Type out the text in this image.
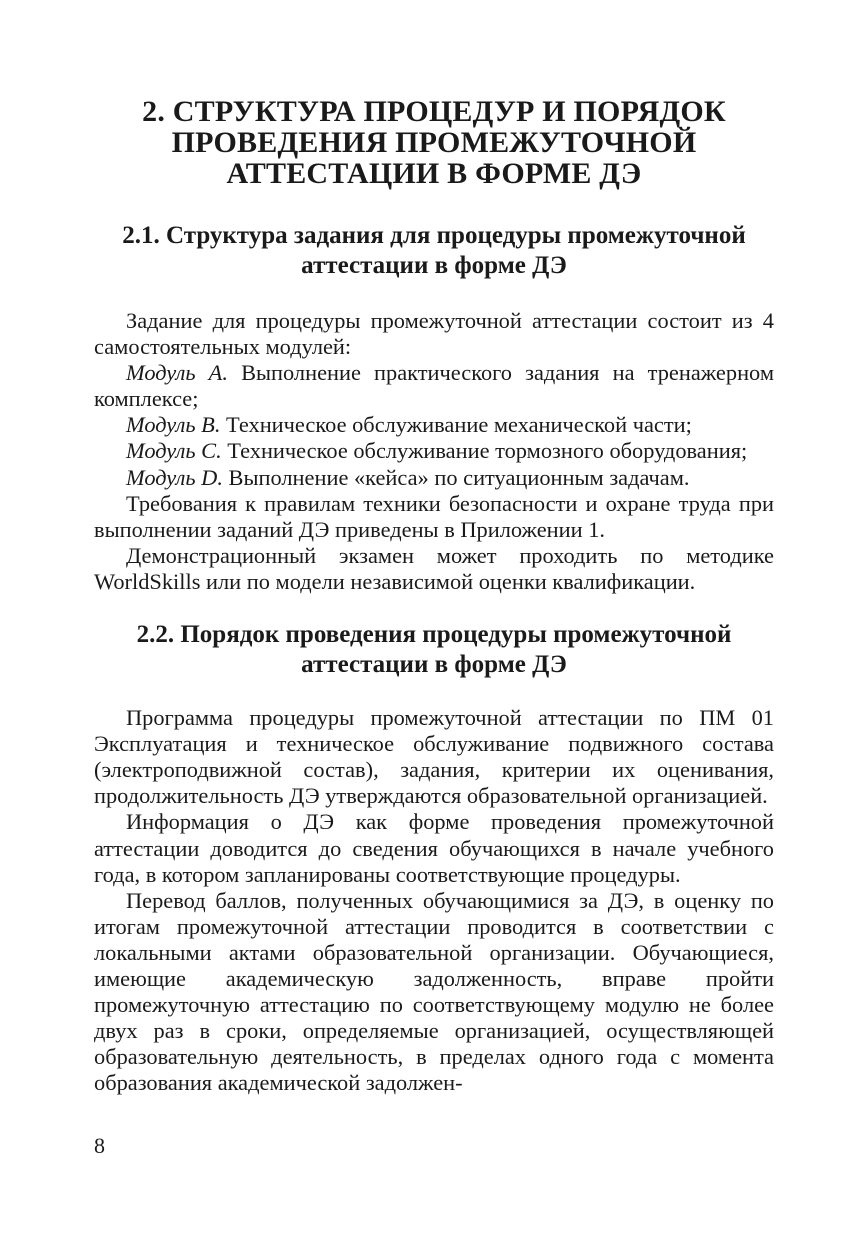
2. СТРУКТУРА ПРОЦЕДУР И ПОРЯДОК
ПРОВЕДЕНИЯ ПРОМЕЖУТОЧНОЙ
АТТЕСТАЦИИ В ФОРМЕ ДЭ
2.1. Структура задания для процедуры промежуточной
аттестации в форме ДЭ

Задание для процедуры промежуточной аттестации состоит из 4 самостоятельных модулей:

Модуль А. Выполнение практического задания на тренажерном комплексе;

Модуль B. Техническое обслуживание механической части;

Модуль C. Техническое обслуживание тормозного оборудования;

Модуль D. Выполнение «кейса» по ситуационным задачам.

Требования к правилам техники безопасности и охране труда при выполнении заданий ДЭ приведены в Приложении 1.

Демонстрационный экзамен может проходить по методике WorldSkills или по модели независимой оценки квалификации.

2.2. Порядок проведения процедуры промежуточной
аттестации в форме ДЭ

Программа процедуры промежуточной аттестации по ПМ 01 Эксплуатация и техническое обслуживание подвижного состава (электроподвижной состав), задания, критерии их оценивания, продолжительность ДЭ утверждаются образовательной организацией.

Информация о ДЭ как форме проведения промежуточной аттестации доводится до сведения обучающихся в начале учебного года, в котором запланированы соответствующие процедуры.

Перевод баллов, полученных обучающимися за ДЭ, в оценку по итогам промежуточной аттестации проводится в соответствии с локальными актами образовательной организации. Обучающиеся, имеющие академическую задолженность, вправе пройти промежуточную аттестацию по соответствующему модулю не более двух раз в сроки, определяемые организацией, осуществляющей образовательную деятельность, в пределах одного года с момента образования академической задолжен-

8
